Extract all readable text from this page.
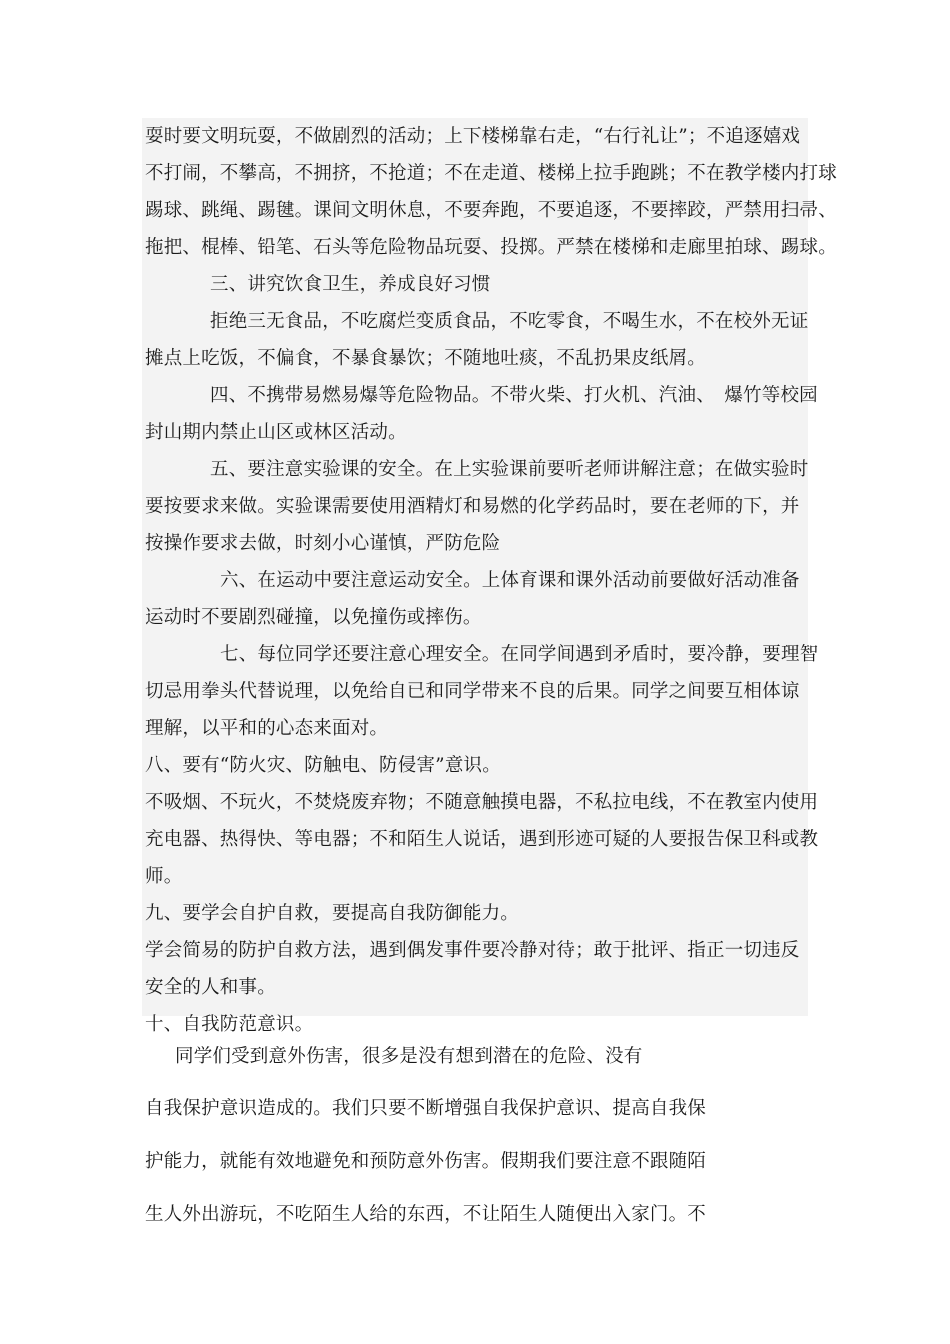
耍时要文明玩耍，不做剧烈的活动；上下楼梯靠右走，“右行礼让”；不追逐嬉戏
不打闹，不攀高，不拥挤，不抢道；不在走道、楼梯上拉手跑跳；不在教学楼内打球
踢球、跳绳、踢毽。课间文明休息，不要奔跑，不要追逐，不要摔跤，严禁用扫帚、
拖把、棍棒、铅笔、石头等危险物品玩耍、投掷。严禁在楼梯和走廊里拍球、踢球。
三、讲究饮食卫生，养成良好习惯
拒绝三无食品，不吃腐烂变质食品，不吃零食，不喝生水，不在校外无证
摊点上吃饭，不偏食，不暴食暴饮；不随地吐痰，不乱扔果皮纸屑。
四、不携带易燃易爆等危险物品。不带火柴、打火机、汽油、　爆竹等校园
封山期内禁止山区或林区活动。
五、要注意实验课的安全。在上实验课前要听老师讲解注意；在做实验时
要按要求来做。实验课需要使用酒精灯和易燃的化学药品时，要在老师的下，并
按操作要求去做，时刻小心谨慎，严防危险
六、在运动中要注意运动安全。上体育课和课外活动前要做好活动准备
运动时不要剧烈碰撞，以免撞伤或摔伤。
七、每位同学还要注意心理安全。在同学间遇到矛盾时，要冷静，要理智
切忌用拳头代替说理，以免给自已和同学带来不良的后果。同学之间要互相体谅
理解，以平和的心态来面对。
八、要有“防火灾、防触电、防侵害”意识。
不吸烟、不玩火，不焚烧废弃物；不随意触摸电器，不私拉电线，不在教室内使用
充电器、热得快、等电器；不和陌生人说话，遇到形迹可疑的人要报告保卫科或教
师。
九、要学会自护自救，要提高自我防御能力。
学会简易的防护自救方法，遇到偶发事件要冷静对待；敢于批评、指正一切违反
安全的人和事。
十、自我防范意识。
同学们受到意外伤害，很多是没有想到潜在的危险、没有
自我保护意识造成的。我们只要不断增强自我保护意识、提高自我保
护能力，就能有效地避免和预防意外伤害。假期我们要注意不跟随陌
生人外出游玩，不吃陌生人给的东西，不让陌生人随便出入家门。不
